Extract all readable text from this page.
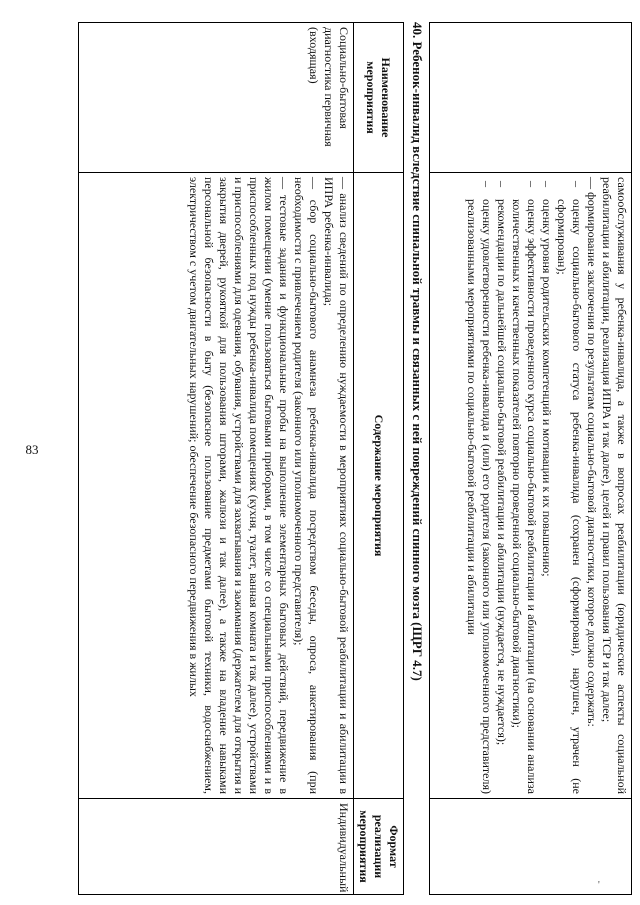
83
'

самообслуживания у ребенка-инвалида, а также в вопросах реабилитации (юридические аспекты социальной реабилитации и абилитации, реализация ИПРА и так далее), целей и правил пользования ТСР и так далее;

— формирование заключения по результатам социально-бытовой диагностики, которое должно содержать:

– оценку социально-бытового статуса ребенка-инвалида (сохранен (сформирован), нарушен, утрачен (не сформирован);
– оценку уровня родительских компетенций и мотивации к их повышению;
– оценку эффективности проведенного курса социально-бытовой реабилитации и абилитации (на основании анализа количественных и качественных показателей повторно проведенной социально-бытовой диагностики);
– рекомендации по дальнейшей социально-бытовой реабилитации и абилитации (нуждается, не нуждается);
– оценку удовлетворенности ребенка-инвалида и (или) его родителя (законного или уполномоченного представителя) реализованными мероприятиями по социально-бытовой реабилитации и абилитации

40. Ребенок-инвалид вследствие спинальной травмы и связанных с ней повреждений спинного мозга (ЩРГ 4.7)
Наименование мероприятия	Содержание мероприятия	Формат реализации мероприятия
Социально-бытовая диагностика первичная (входящая)	— анализ сведений по определению нуждаемости в мероприятиях социально-бытовой реабилитации и абилитации в ИПРА ребенка-инвалида;

— сбор социально-бытового анамнеза ребенка-инвалида посредством беседы, опроса, анкетирования (при необходимости с привлечением родителя (законного или уполномоченного представителя);

— тестовые задания и функциональные пробы на выполнение элементарных бытовых действий, передвижение в жилом помещении (умение пользоваться бытовыми приборами, в том числе со специальными приспособлениями и в приспособленных под нужды ребенка-инвалида помещениях (кухня, туалет, ванная комната и так далее), устройствами и приспособлениями для одевания, обувания, устройствами для захватывания и зажимания (держателем для открытия и закрытия дверей, рукояткой для пользования шторами, жалюзи и так далее), а также на владение навыками персональной безопасности в быту (безопасное пользование предметами бытовой техники, водоснабжением, электричеством с учетом двигательных нарушений; обеспечение безопасного передвижения в жилых	Индивидуальный
